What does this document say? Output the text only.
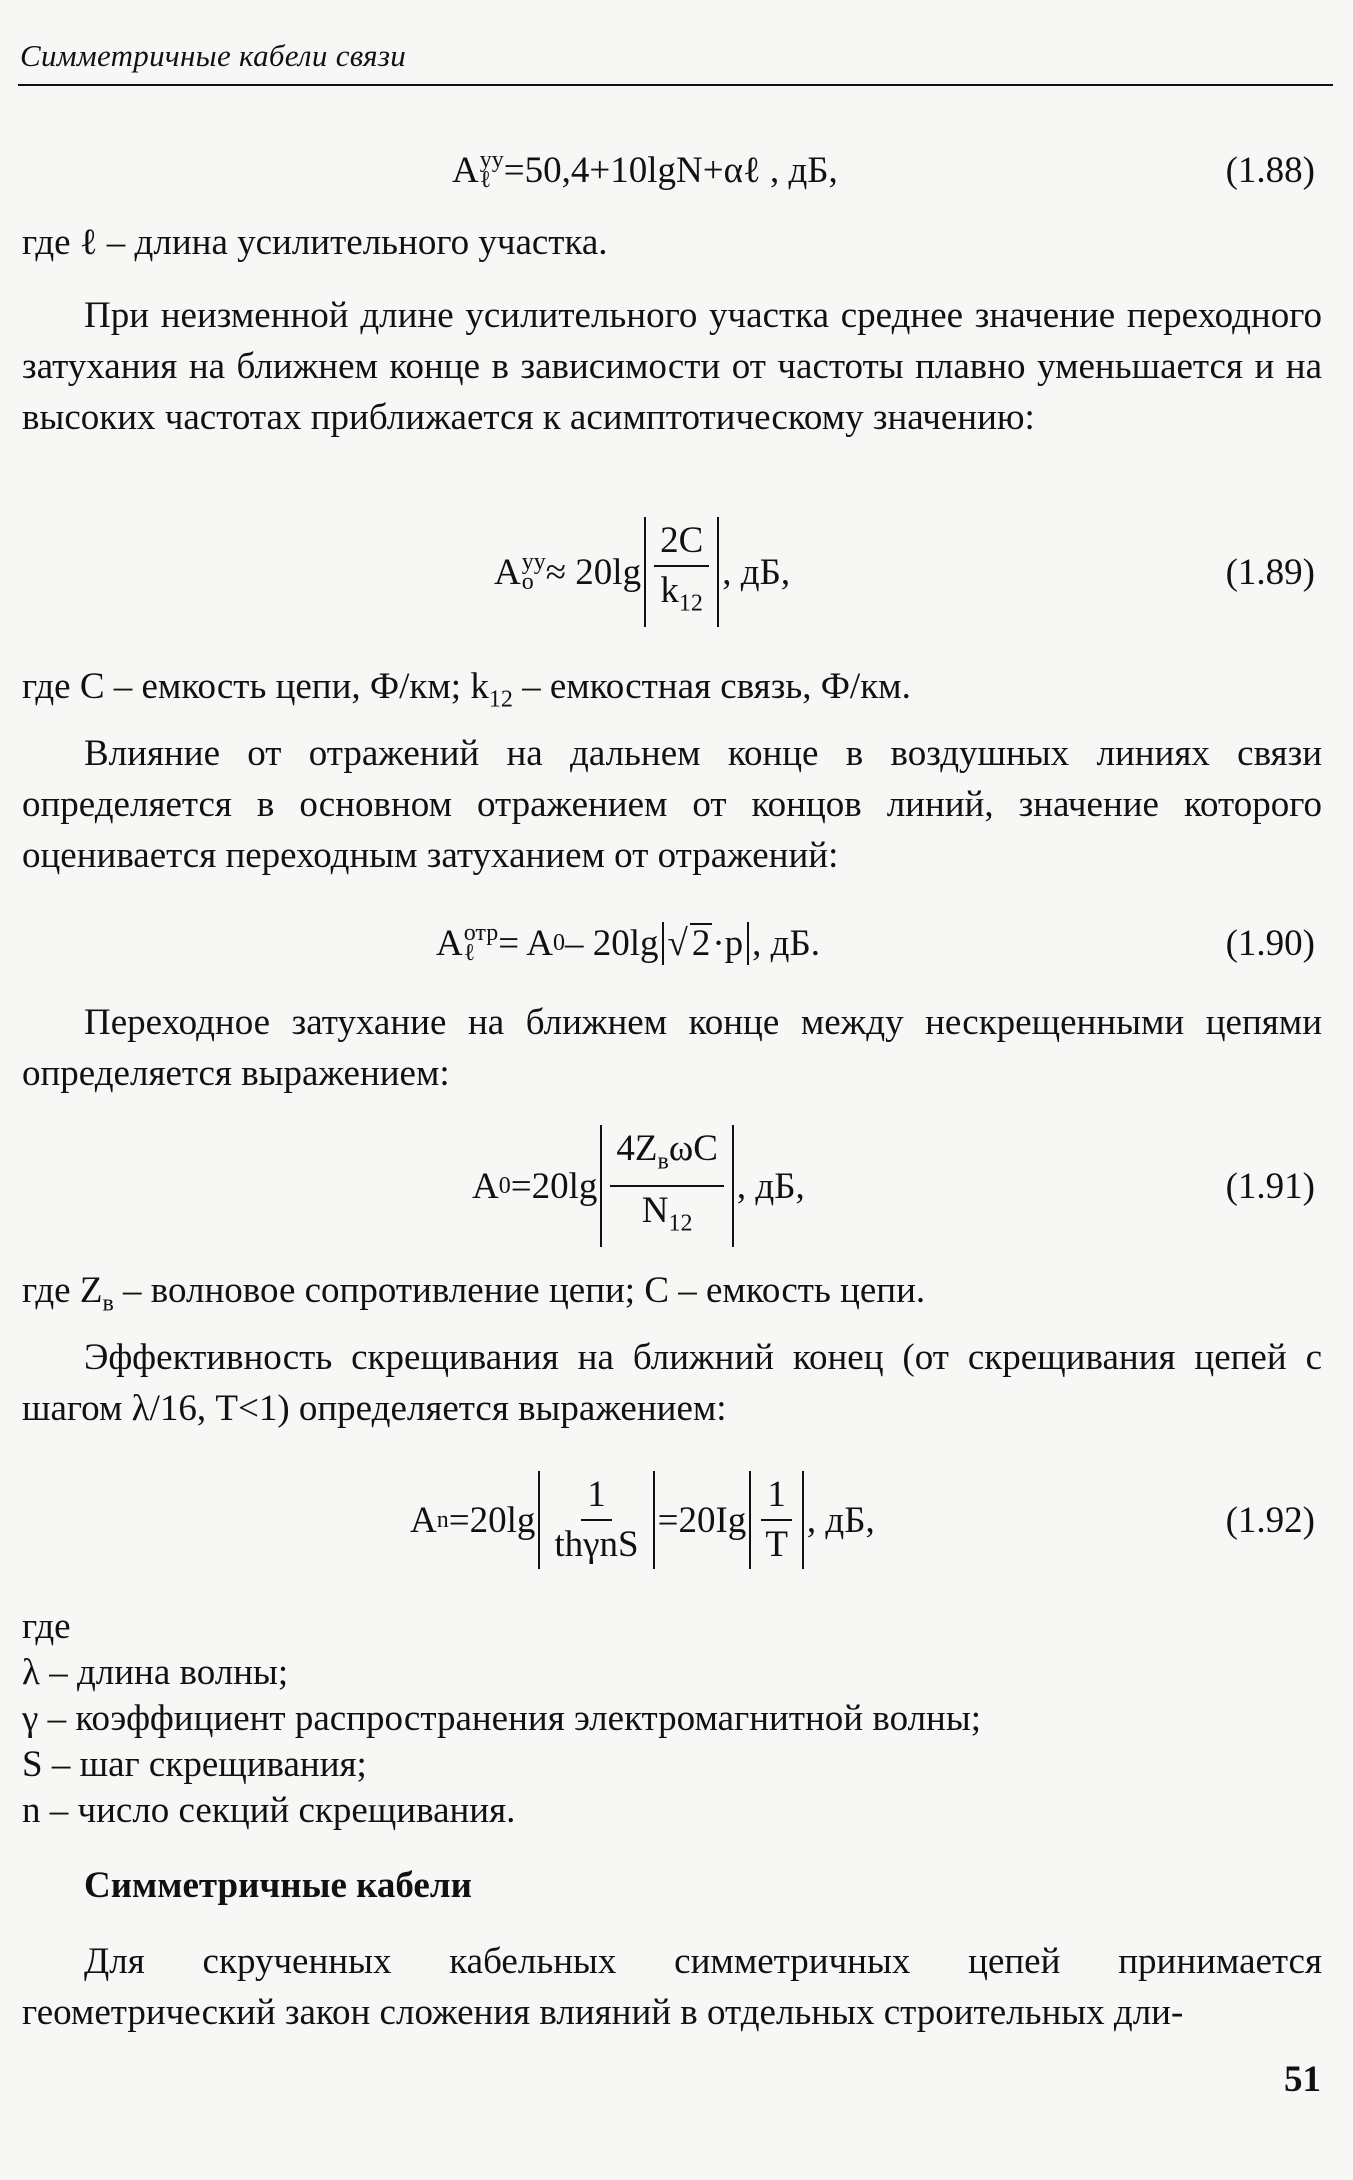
Симметричные кабели связи
A уу
ℓ =50,4+10lgN+αℓ , дБ,	(1.88)
где ℓ – длина усилительного участка.
При неизменной длине усилительного участка среднее значение переходного затухания на ближнем конце в зависимости от частоты плавно уменьшается и на высоких частотах приближается к асимптотическому значению:
A уу
$о \approx 20\lg \frac{2C}{k_{12}}$ , дБ,	(1.89)
где С – емкость цепи, Ф/км; $k_{12}$ – емкостная связь, Ф/км.
Влияние от отражений на дальнем конце в воздушных линиях связи определяется в основном отражением от концов линий, значение которого оценивается переходным затуханием от отражений:
A отр
ℓ = A 0 – 20lg √ 2 ·p , дБ.	(1.90)
Переходное затухание на ближнем конце между нескрещенными цепями определяется выражением:
A $0 =20\lg \frac{4Z_в\omega C}{N_{12}}$ , дБ,	(1.91)
где $Z_в$ – волновое сопротивление цепи; С – емкость цепи.
Эффективность скрещивания на ближний конец (от скрещивания цепей с шагом λ/16, T<1) определяется выражением:
A $n =20\lg \frac{1}{\text{thγnS}} =20Ig \frac{1}{T}$ , дБ,	(1.92)
где
λ – длина волны;
γ – коэффициент распространения электромагнитной волны;
S – шаг скрещивания;
n – число секций скрещивания.
Симметричные кабели
Для скрученных кабельных симметричных цепей принимается геометрический закон сложения влияний в отдельных строительных дли-
51
